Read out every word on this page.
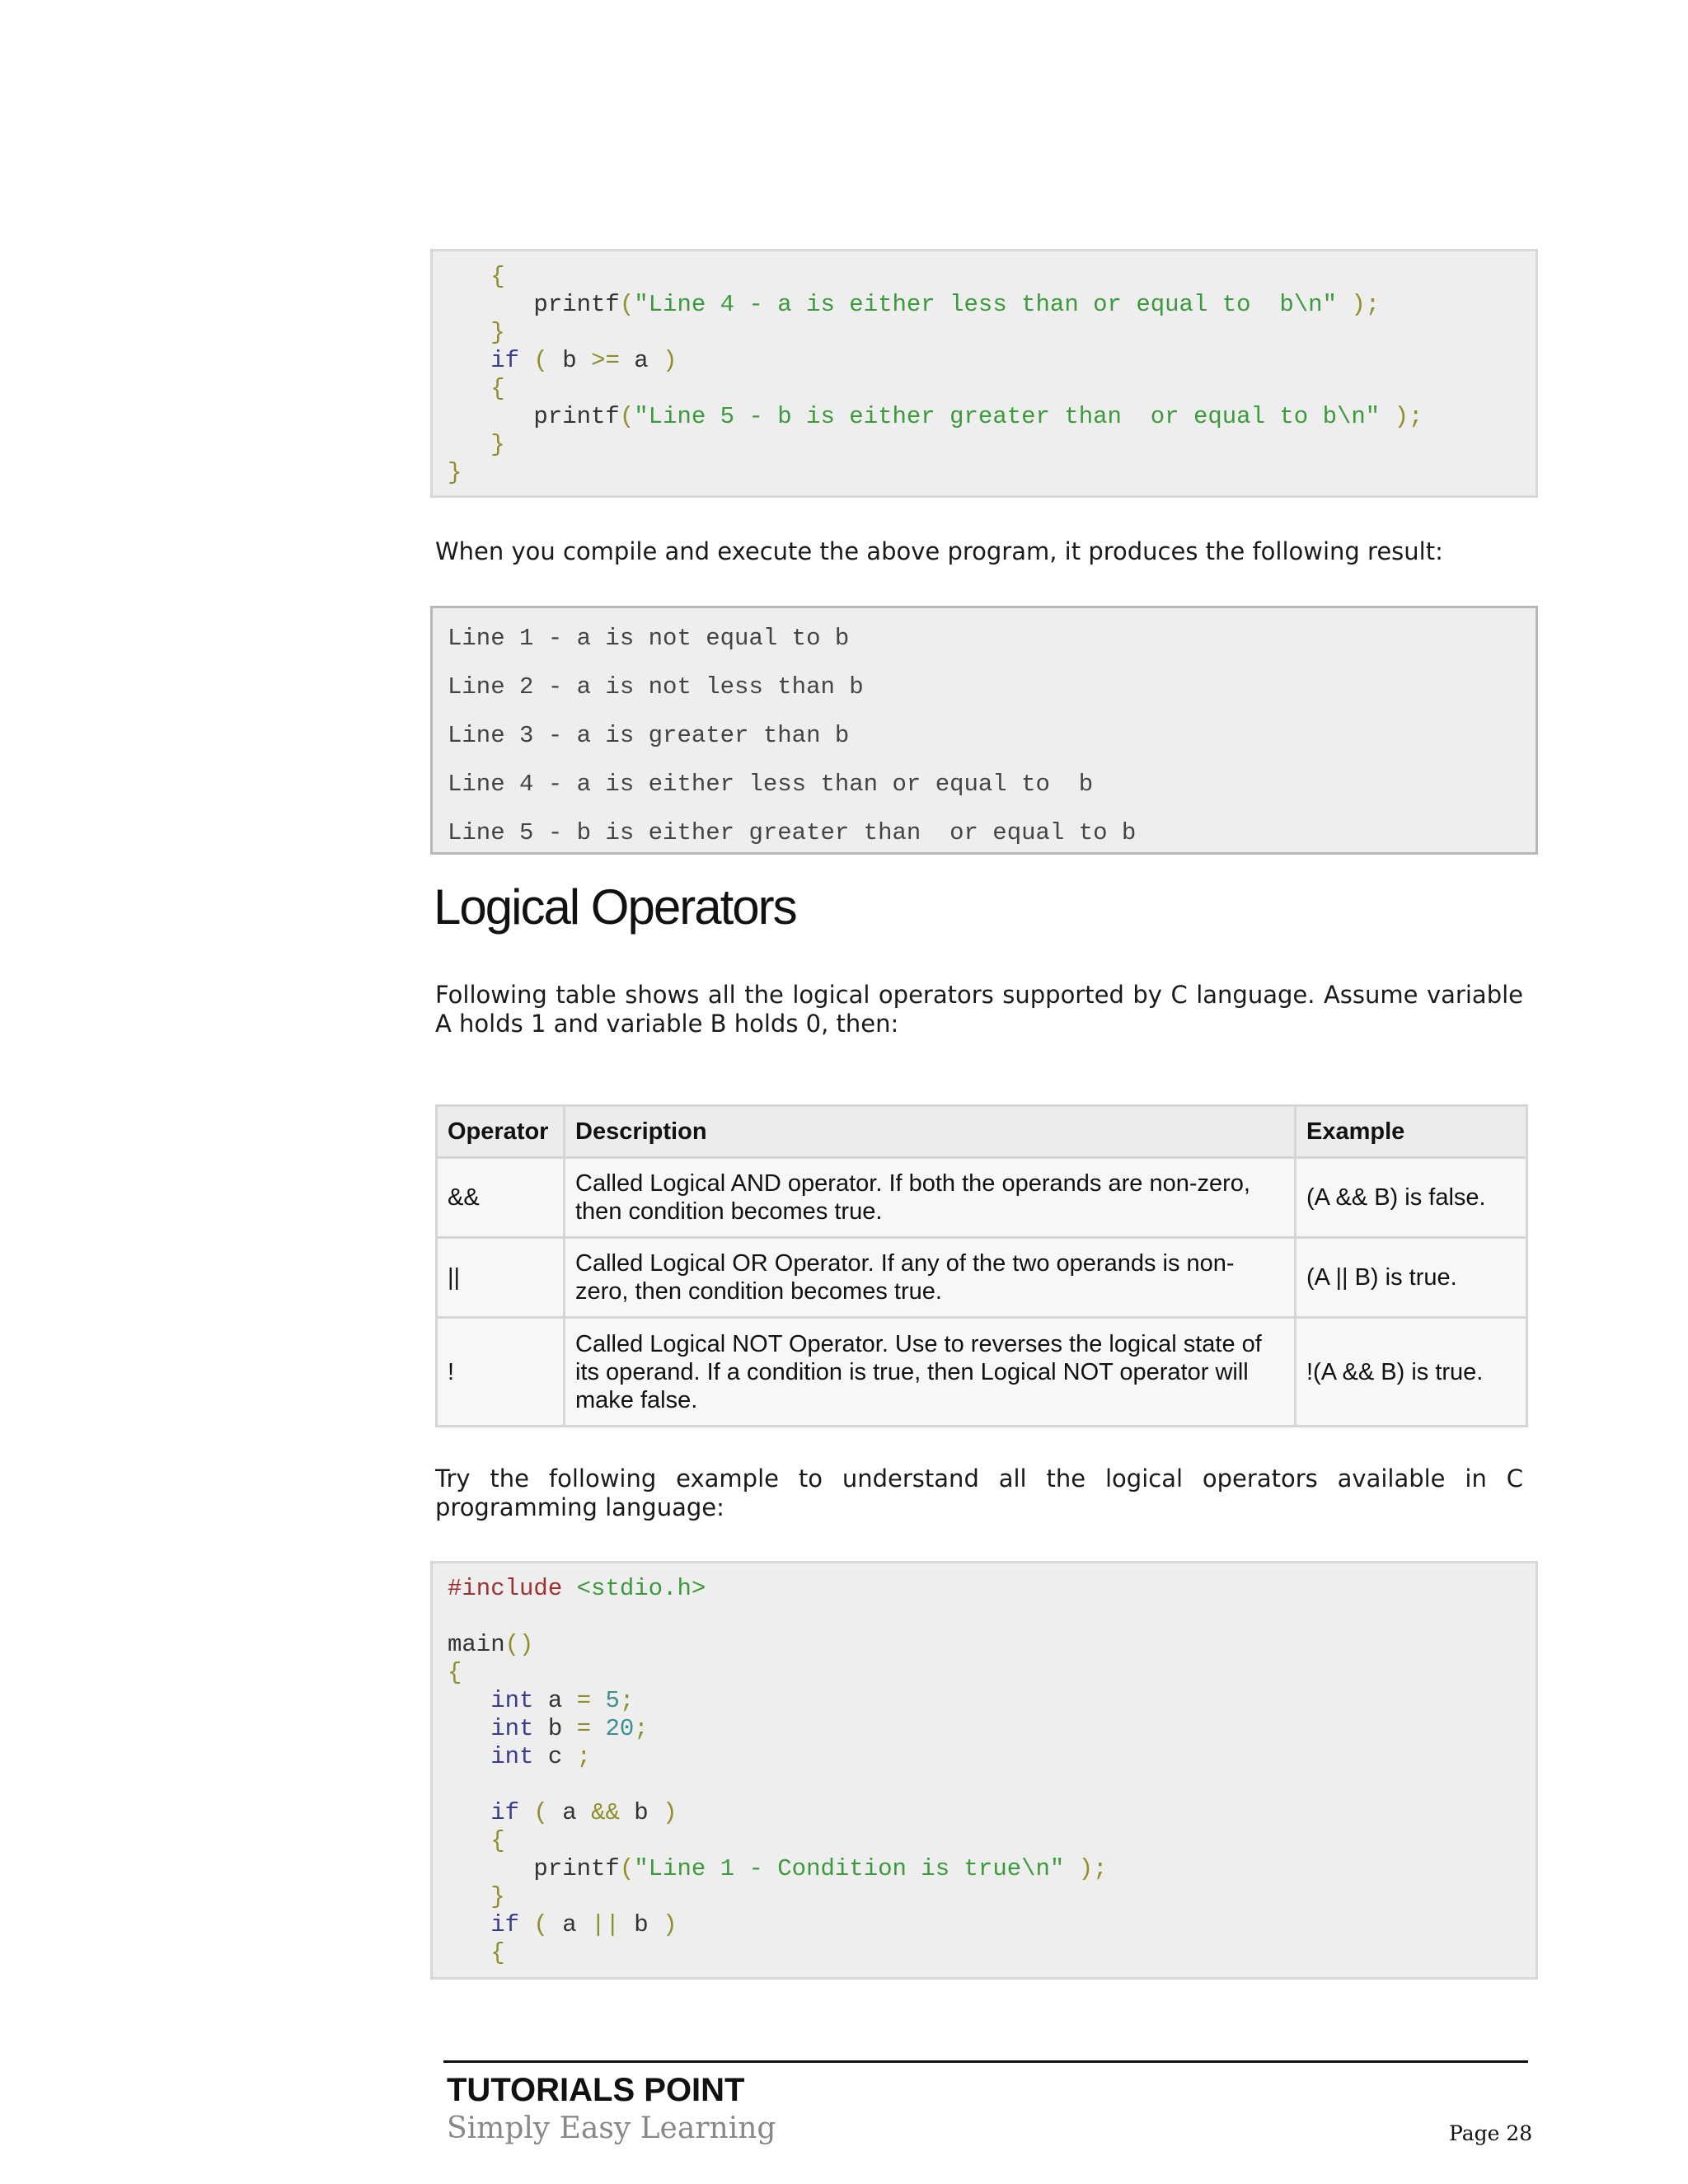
{
printf("Line 4 - a is either less than or equal to  b\n" );
}
if ( b >= a )
{
printf("Line 5 - b is either greater than  or equal to b\n" );
}
}
When you compile and execute the above program, it produces the following result:
Line 1 - a is not equal to b
Line 2 - a is not less than b
Line 3 - a is greater than b
Line 4 - a is either less than or equal to  b
Line 5 - b is either greater than  or equal to b
Logical Operators
Following table shows all the logical operators supported by C language. Assume variable A holds 1 and variable B holds 0, then:
Operator	Description	Example
&&	Called Logical AND operator. If both the operands are non-zero, then condition becomes true.	(A && B) is false.
||	Called Logical OR Operator. If any of the two operands is non-zero, then condition becomes true.	(A || B) is true.
!	Called Logical NOT Operator. Use to reverses the logical state of its operand. If a condition is true, then Logical NOT operator will make false.	!(A && B) is true.
Try the following example to understand all the logical operators available in C programming language:
#include <stdio.h>
main()
{
int a = 5;
int b = 20;
int c ;
if ( a && b )
{
printf("Line 1 - Condition is true\n" );
}
if ( a || b )
{
TUTORIALS POINT
Simply Easy Learning	Page 28
